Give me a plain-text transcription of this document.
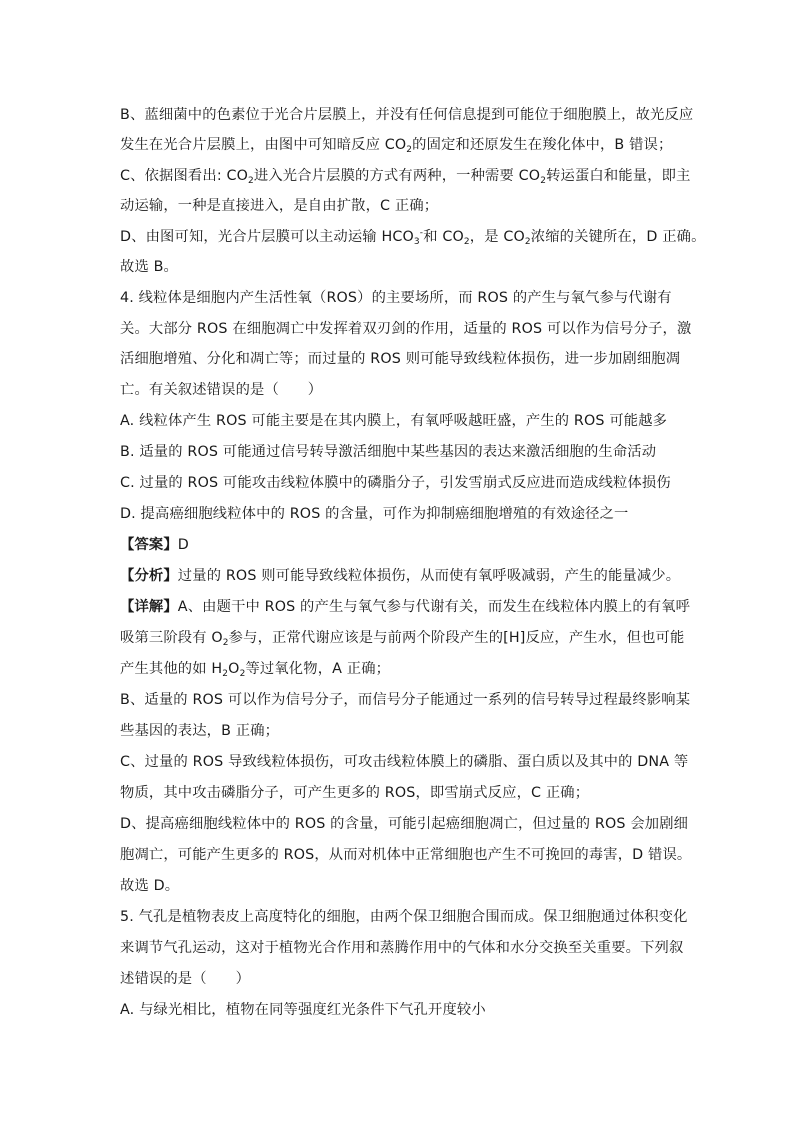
B、蓝细菌中的色素位于光合片层膜上，并没有任何信息提到可能位于细胞膜上，故光反应
发生在光合片层膜上，由图中可知暗反应 $CO_2$的固定和还原发生在羧化体中，B 错误；
C、依据图看出: $CO_2$进入光合片层膜的方式有两种，一种需要 $CO_2$转运蛋白和能量，即主
动运输，一种是直接进入，是自由扩散，C 正确；
D、由图可知，光合片层膜可以主动运输 $HCO_3^-$和 $CO_2$，是 $CO_2$浓缩的关键所在，D 正确。
故选 B。
4. 线粒体是细胞内产生活性氧（ROS）的主要场所，而 ROS 的产生与氧气参与代谢有
关。大部分 ROS 在细胞凋亡中发挥着双刃剑的作用，适量的 ROS 可以作为信号分子，激
活细胞增殖、分化和凋亡等；而过量的 ROS 则可能导致线粒体损伤，进一步加剧细胞凋
亡。有关叙述错误的是（　　）
A. 线粒体产生 ROS 可能主要是在其内膜上，有氧呼吸越旺盛，产生的 ROS 可能越多
B. 适量的 ROS 可能通过信号转导激活细胞中某些基因的表达来激活细胞的生命活动
C. 过量的 ROS 可能攻击线粒体膜中的磷脂分子，引发雪崩式反应进而造成线粒体损伤
D. 提高癌细胞线粒体中的 ROS 的含量，可作为抑制癌细胞增殖的有效途径之一
【答案】D
【分析】过量的 ROS 则可能导致线粒体损伤，从而使有氧呼吸减弱，产生的能量减少。
【详解】A、由题干中 ROS 的产生与氧气参与代谢有关，而发生在线粒体内膜上的有氧呼
吸第三阶段有 $O_2$参与，正常代谢应该是与前两个阶段产生的[H]反应，产生水，但也可能
产生其他的如 $H_2O_2$等过氧化物，A 正确；
B、适量的 ROS 可以作为信号分子，而信号分子能通过一系列的信号转导过程最终影响某
些基因的表达，B 正确；
C、过量的 ROS 导致线粒体损伤，可攻击线粒体膜上的磷脂、蛋白质以及其中的 DNA 等
物质，其中攻击磷脂分子，可产生更多的 ROS，即雪崩式反应，C 正确；
D、提高癌细胞线粒体中的 ROS 的含量，可能引起癌细胞凋亡，但过量的 ROS 会加剧细
胞凋亡，可能产生更多的 ROS，从而对机体中正常细胞也产生不可挽回的毒害，D 错误。
故选 D。
5. 气孔是植物表皮上高度特化的细胞，由两个保卫细胞合围而成。保卫细胞通过体积变化
来调节气孔运动，这对于植物光合作用和蒸腾作用中的气体和水分交换至关重要。下列叙
述错误的是（　　）
A. 与绿光相比，植物在同等强度红光条件下气孔开度较小
